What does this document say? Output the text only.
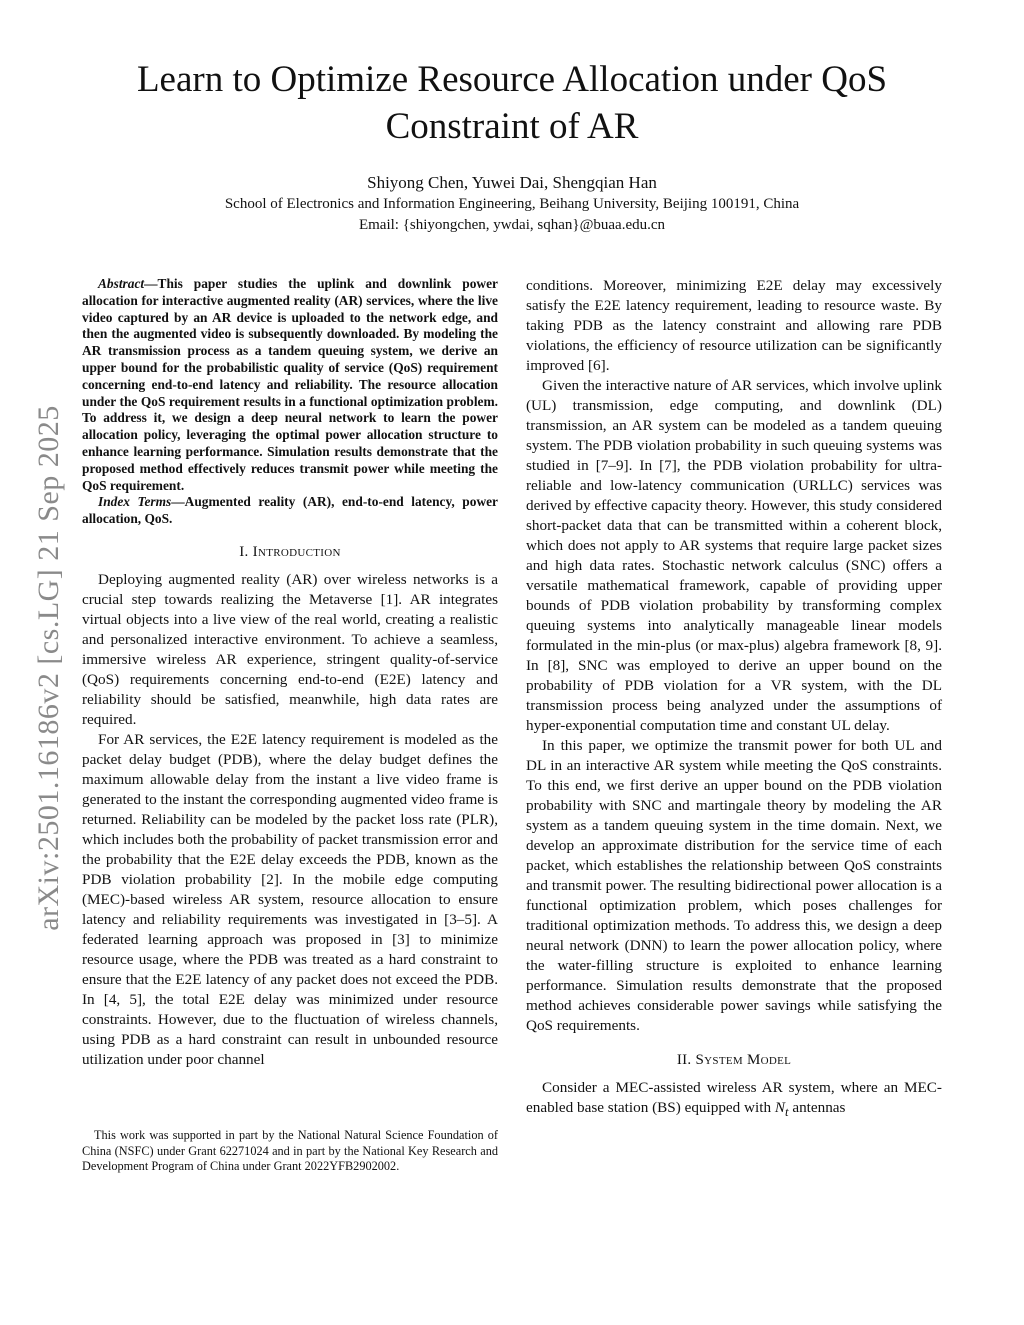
arXiv:2501.16186v2 [cs.LG] 21 Sep 2025
Learn to Optimize Resource Allocation under QoS Constraint of AR
Shiyong Chen, Yuwei Dai, Shengqian Han
School of Electronics and Information Engineering, Beihang University, Beijing 100191, China
Email: {shiyongchen, ywdai, sqhan}@buaa.edu.cn

Abstract—This paper studies the uplink and downlink power allocation for interactive augmented reality (AR) services, where the live video captured by an AR device is uploaded to the network edge, and then the augmented video is subsequently downloaded. By modeling the AR transmission process as a tandem queuing system, we derive an upper bound for the probabilistic quality of service (QoS) requirement concerning end-to-end latency and reliability. The resource allocation under the QoS requirement results in a functional optimization problem. To address it, we design a deep neural network to learn the power allocation policy, leveraging the optimal power allocation structure to enhance learning performance. Simulation results demonstrate that the proposed method effectively reduces transmit power while meeting the QoS requirement.

Index Terms—Augmented reality (AR), end-to-end latency, power allocation, QoS.

I. Introduction

Deploying augmented reality (AR) over wireless networks is a crucial step towards realizing the Metaverse [1]. AR integrates virtual objects into a live view of the real world, creating a realistic and personalized interactive environment. To achieve a seamless, immersive wireless AR experience, stringent quality-of-service (QoS) requirements concerning end-to-end (E2E) latency and reliability should be satisfied, meanwhile, high data rates are required.

For AR services, the E2E latency requirement is modeled as the packet delay budget (PDB), where the delay budget defines the maximum allowable delay from the instant a live video frame is generated to the instant the corresponding augmented video frame is returned. Reliability can be modeled by the packet loss rate (PLR), which includes both the probability of packet transmission error and the probability that the E2E delay exceeds the PDB, known as the PDB violation probability [2]. In the mobile edge computing (MEC)-based wireless AR system, resource allocation to ensure latency and reliability requirements was investigated in [3–5]. A federated learning approach was proposed in [3] to minimize resource usage, where the PDB was treated as a hard constraint to ensure that the E2E latency of any packet does not exceed the PDB. In [4, 5], the total E2E delay was minimized under resource constraints. However, due to the fluctuation of wireless channels, using PDB as a hard constraint can result in unbounded resource utilization under poor channel

This work was supported in part by the National Natural Science Foundation of China (NSFC) under Grant 62271024 and in part by the National Key Research and Development Program of China under Grant 2022YFB2902002.

conditions. Moreover, minimizing E2E delay may excessively satisfy the E2E latency requirement, leading to resource waste. By taking PDB as the latency constraint and allowing rare PDB violations, the efficiency of resource utilization can be significantly improved [6].

Given the interactive nature of AR services, which involve uplink (UL) transmission, edge computing, and downlink (DL) transmission, an AR system can be modeled as a tandem queuing system. The PDB violation probability in such queuing systems was studied in [7–9]. In [7], the PDB violation probability for ultra-reliable and low-latency communication (URLLC) services was derived by effective capacity theory. However, this study considered short-packet data that can be transmitted within a coherent block, which does not apply to AR systems that require large packet sizes and high data rates. Stochastic network calculus (SNC) offers a versatile mathematical framework, capable of providing upper bounds of PDB violation probability by transforming complex queuing systems into analytically manageable linear models formulated in the min-plus (or max-plus) algebra framework [8, 9]. In [8], SNC was employed to derive an upper bound on the probability of PDB violation for a VR system, with the DL transmission process being analyzed under the assumptions of hyper-exponential computation time and constant UL delay.

In this paper, we optimize the transmit power for both UL and DL in an interactive AR system while meeting the QoS constraints. To this end, we first derive an upper bound on the PDB violation probability with SNC and martingale theory by modeling the AR system as a tandem queuing system in the time domain. Next, we develop an approximate distribution for the service time of each packet, which establishes the relationship between QoS constraints and transmit power. The resulting bidirectional power allocation is a functional optimization problem, which poses challenges for traditional optimization methods. To address this, we design a deep neural network (DNN) to learn the power allocation policy, where the water-filling structure is exploited to enhance learning performance. Simulation results demonstrate that the proposed method achieves considerable power savings while satisfying the QoS requirements.

II. System Model

Consider a MEC-assisted wireless AR system, where an MEC-enabled base station (BS) equipped with $N_t$ antennas
